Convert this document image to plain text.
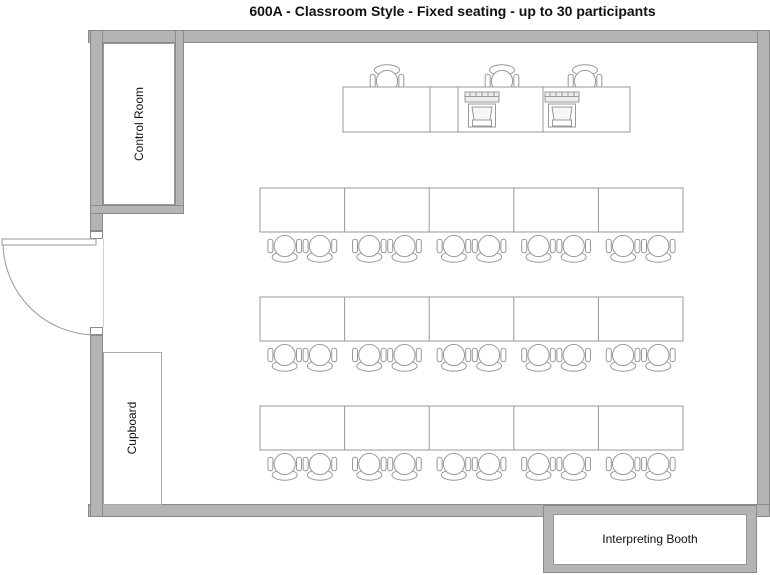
600A - Classroom Style - Fixed seating - up to 30 participants
Control Room
Cupboard
Interpreting Booth
